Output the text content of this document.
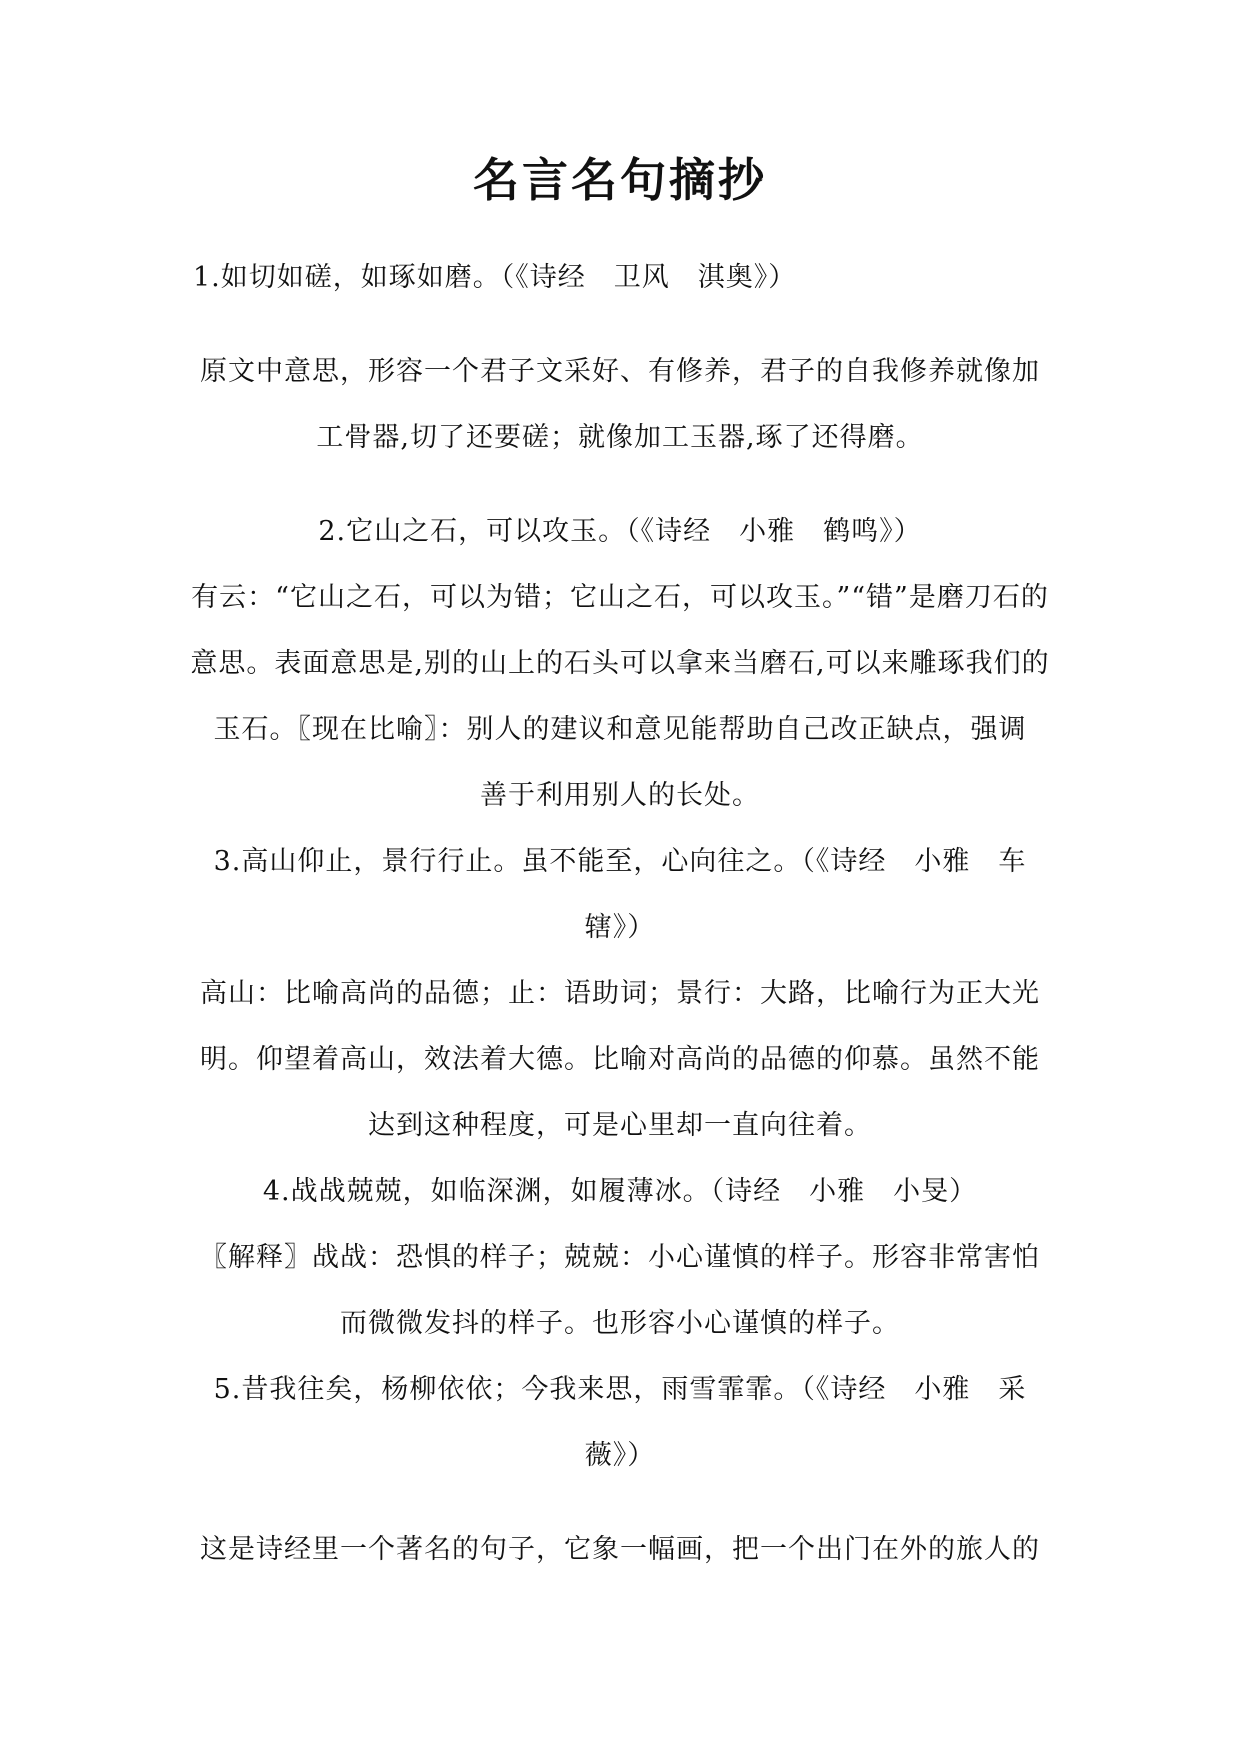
名言名句摘抄
1.如切如磋，如琢如磨。（《诗经　卫风　淇奥》）
原文中意思，形容一个君子文采好、有修养，君子的自我修养就像加
工骨器,切了还要磋；就像加工玉器,琢了还得磨。
2.它山之石，可以攻玉。（《诗经　小雅　鹤鸣》）
有云：“它山之石，可以为错；它山之石，可以攻玉。”“错”是磨刀石的
意思。表面意思是,别的山上的石头可以拿来当磨石,可以来雕琢我们的
玉石。〖现在比喻〗：别人的建议和意见能帮助自己改正缺点，强调
善于利用别人的长处。
3.高山仰止，景行行止。虽不能至，心向往之。（《诗经　小雅　车
辖》）
高山：比喻高尚的品德；止：语助词；景行：大路，比喻行为正大光
明。仰望着高山，效法着大德。比喻对高尚的品德的仰慕。虽然不能
达到这种程度，可是心里却一直向往着。
4.战战兢兢，如临深渊，如履薄冰。（诗经　小雅　小旻）
〖解释〗战战：恐惧的样子；兢兢：小心谨慎的样子。形容非常害怕
而微微发抖的样子。也形容小心谨慎的样子。
5.昔我往矣，杨柳依依；今我来思，雨雪霏霏。（《诗经　小雅　采
薇》）
这是诗经里一个著名的句子，它象一幅画，把一个出门在外的旅人的
